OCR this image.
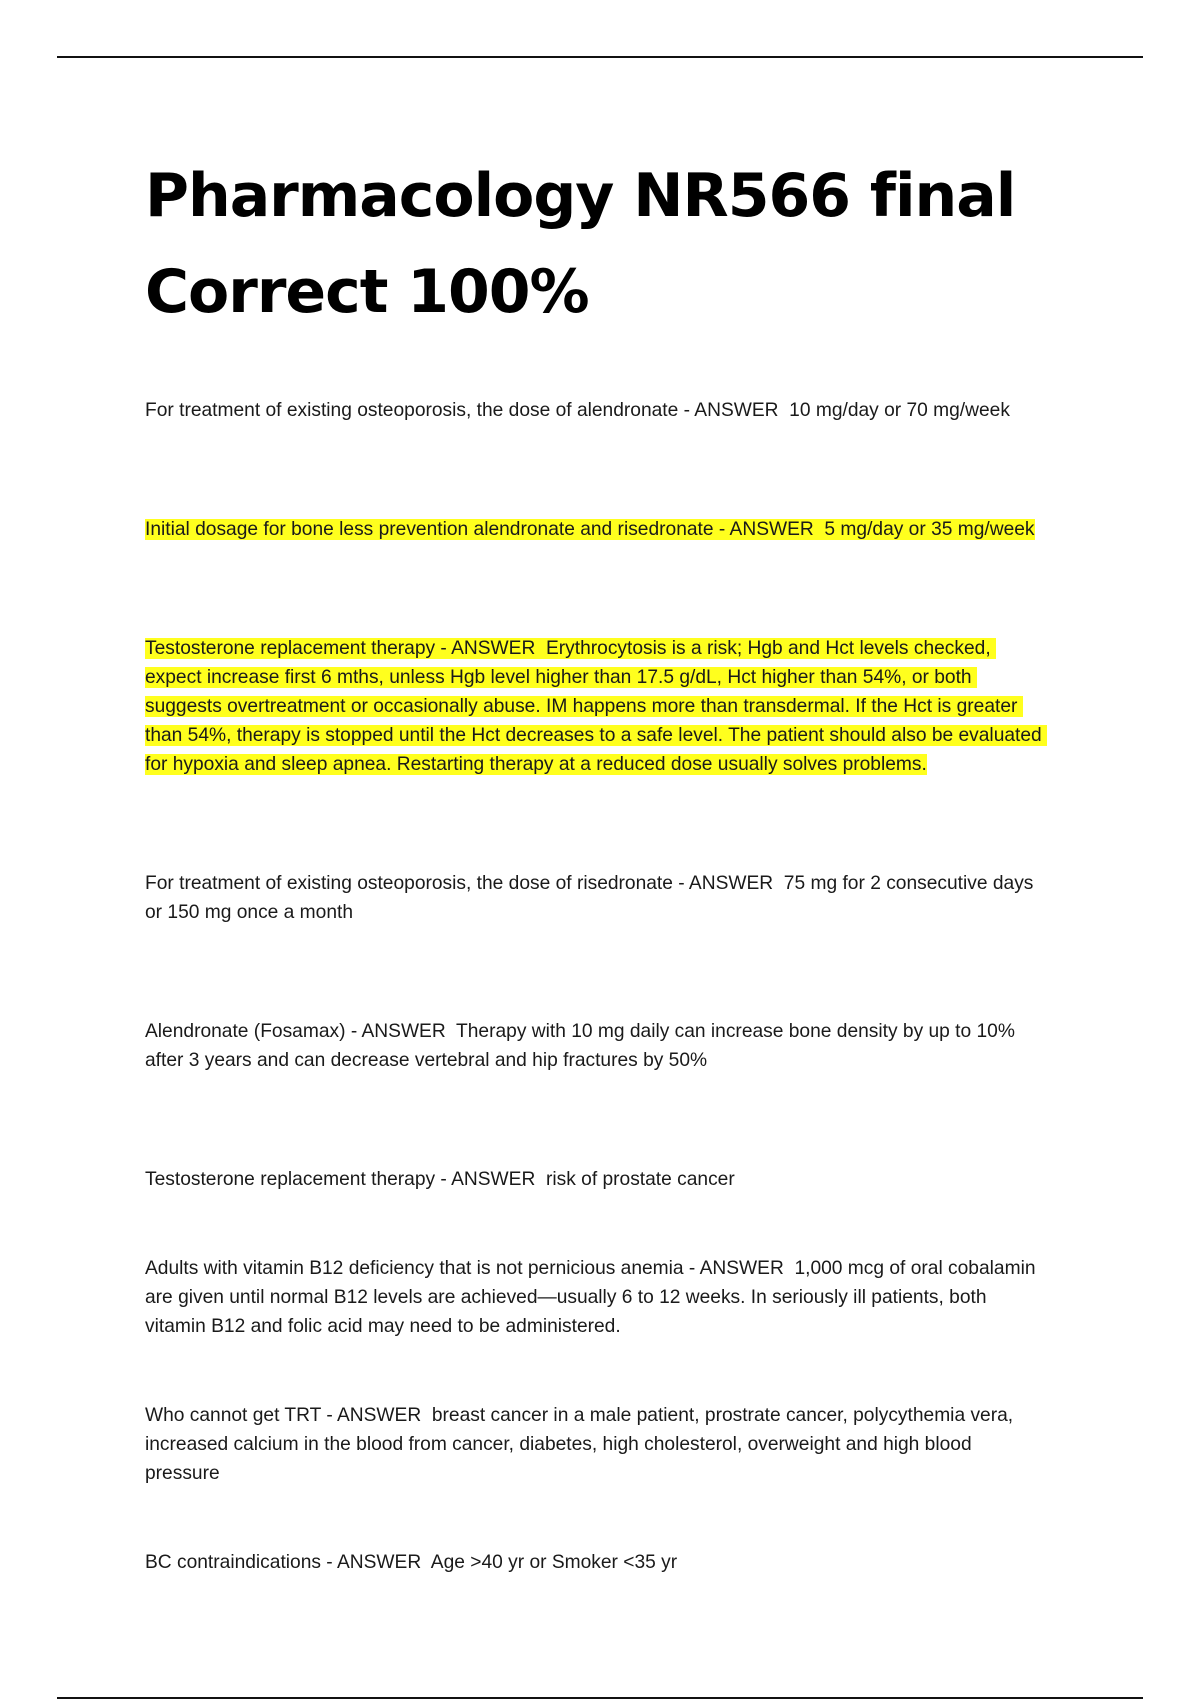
Pharmacology NR566 final
Correct 100%
For treatment of existing osteoporosis, the dose of alendronate - ANSWER  10 mg/day or 70 mg/week
Initial dosage for bone less prevention alendronate and risedronate - ANSWER  5 mg/day or 35 mg/week
Testosterone replacement therapy - ANSWER  Erythrocytosis is a risk; Hgb and Hct levels checked, expect increase first 6 mths, unless Hgb level higher than 17.5 g/dL, Hct higher than 54%, or both suggests overtreatment or occasionally abuse. IM happens more than transdermal. If the Hct is greater than 54%, therapy is stopped until the Hct decreases to a safe level. The patient should also be evaluated for hypoxia and sleep apnea. Restarting therapy at a reduced dose usually solves problems.
For treatment of existing osteoporosis, the dose of risedronate - ANSWER  75 mg for 2 consecutive days or 150 mg once a month
Alendronate (Fosamax) - ANSWER  Therapy with 10 mg daily can increase bone density by up to 10% after 3 years and can decrease vertebral and hip fractures by 50%
Testosterone replacement therapy - ANSWER  risk of prostate cancer
Adults with vitamin B12 deficiency that is not pernicious anemia - ANSWER  1,000 mcg of oral cobalamin are given until normal B12 levels are achieved—usually 6 to 12 weeks. In seriously ill patients, both vitamin B12 and folic acid may need to be administered.
Who cannot get TRT - ANSWER  breast cancer in a male patient, prostrate cancer, polycythemia vera, increased calcium in the blood from cancer, diabetes, high cholesterol, overweight and high blood pressure
BC contraindications - ANSWER  Age >40 yr or Smoker <35 yr
